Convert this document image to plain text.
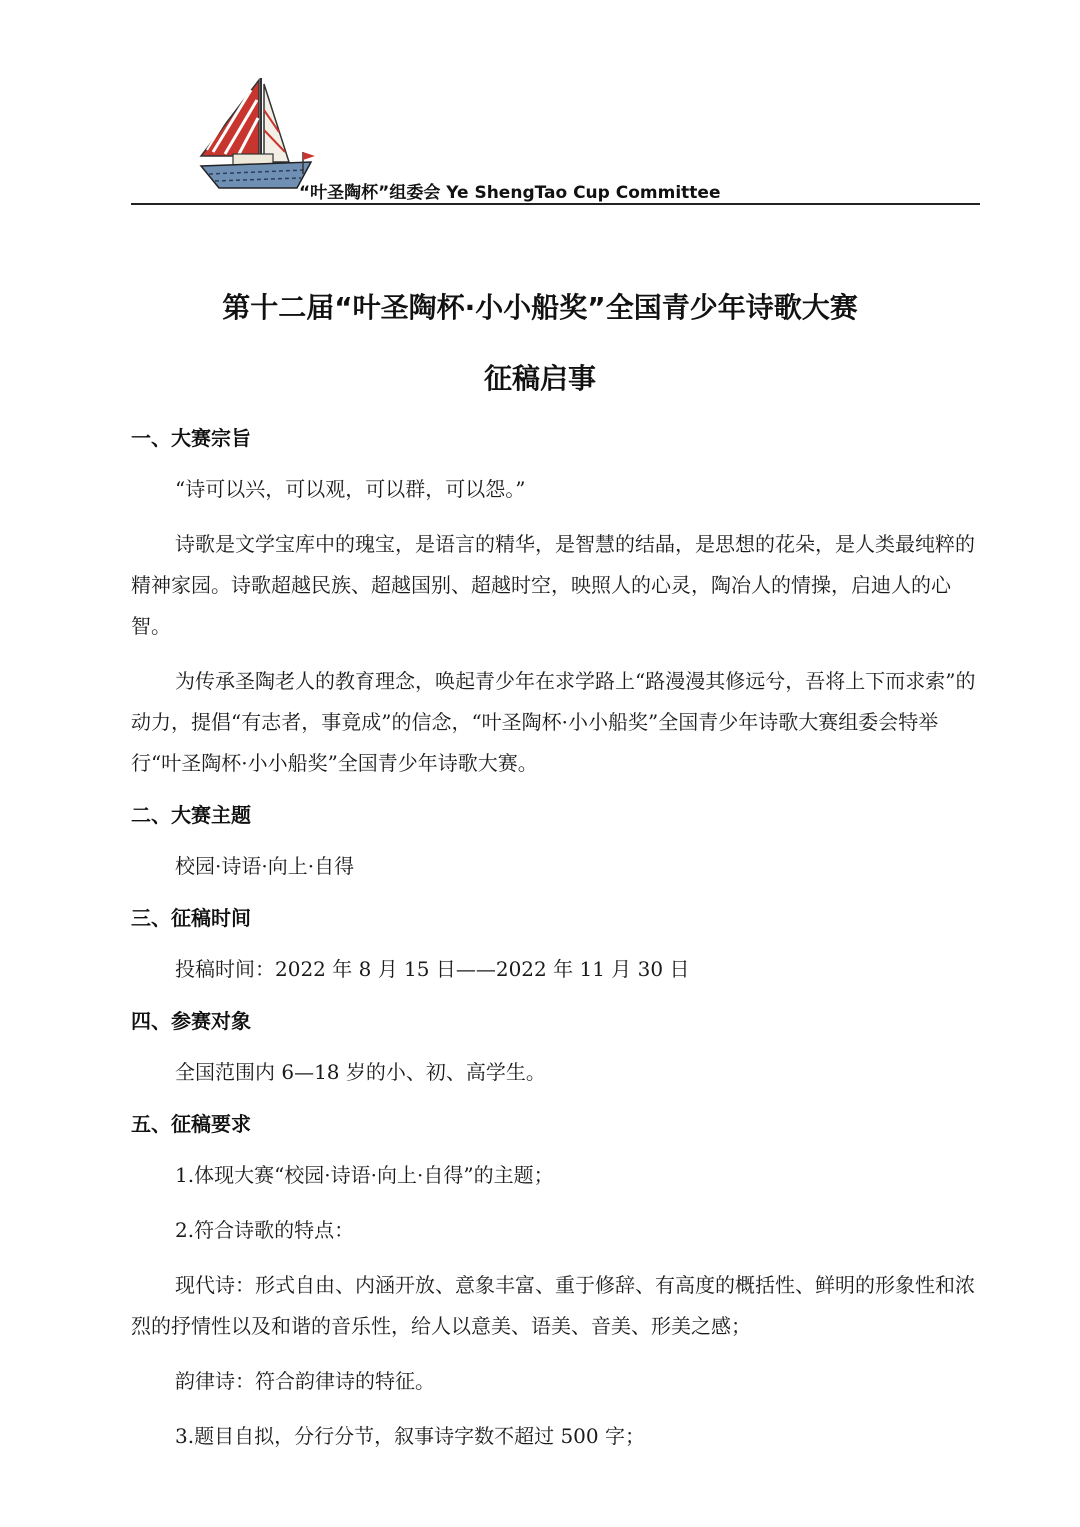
“叶圣陶杯”组委会 Ye ShengTao Cup Committee
第十二届“叶圣陶杯·小小船奖”全国青少年诗歌大赛
征稿启事

一、大赛宗旨

“诗可以兴，可以观，可以群，可以怨。”

诗歌是文学宝库中的瑰宝，是语言的精华，是智慧的结晶，是思想的花朵，是人类最纯粹的精神家园。诗歌超越民族、超越国别、超越时空，映照人的心灵，陶冶人的情操，启迪人的心智。

为传承圣陶老人的教育理念，唤起青少年在求学路上“路漫漫其修远兮，吾将上下而求索”的动力，提倡“有志者，事竟成”的信念，“叶圣陶杯·小小船奖”全国青少年诗歌大赛组委会特举行“叶圣陶杯·小小船奖”全国青少年诗歌大赛。

二、大赛主题

校园·诗语·向上·自得

三、征稿时间

投稿时间：2022 年 8 月 15 日——2022 年 11 月 30 日

四、参赛对象

全国范围内 6—18 岁的小、初、高学生。

五、征稿要求

1.体现大赛“校园·诗语·向上·自得”的主题；

2.符合诗歌的特点：

现代诗：形式自由、内涵开放、意象丰富、重于修辞、有高度的概括性、鲜明的形象性和浓烈的抒情性以及和谐的音乐性，给人以意美、语美、音美、形美之感；

韵律诗：符合韵律诗的特征。

3.题目自拟，分行分节，叙事诗字数不超过 500 字；
